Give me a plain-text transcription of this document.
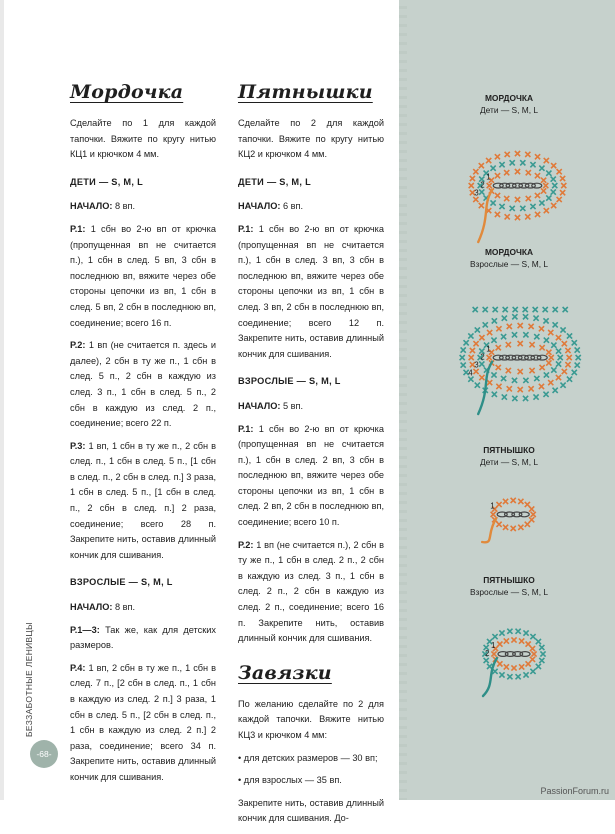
Мордочка

Сделайте по 1 для каждой тапочки. Вяжите по кругу нитью КЦ1 и крючком 4 мм.

ДЕТИ — S, M, L

НАЧАЛО: 8 вп.

Р.1: 1 сбн во 2-ю вп от крючка (пропущенная вп не считается п.), 1 сбн в след. 5 вп, 3 сбн в последнюю вп, вяжите через обе стороны цепочки из вп, 1 сбн в след. 5 вп, 2 сбн в последнюю вп, соединение; всего 16 п.

Р.2: 1 вп (не считается п. здесь и далее), 2 сбн в ту же п., 1 сбн в след. 5 п., 2 сбн в каждую из след. 3 п., 1 сбн в след. 5 п., 2 сбн в каждую из след. 2 п., соединение; всего 22 п.

Р.3: 1 вп, 1 сбн в ту же п., 2 сбн в след. п., 1 сбн в след. 5 п., [1 сбн в след. п., 2 сбн в след. п.] 3 раза, 1 сбн в след. 5 п., [1 сбн в след. п., 2 сбн в след. п.] 2 раза, соединение; всего 28 п. Закрепите нить, оставив длинный кончик для сшивания.

ВЗРОСЛЫЕ — S, M, L

НАЧАЛО: 8 вп.

Р.1—3: Так же, как для детских размеров.

Р.4: 1 вп, 2 сбн в ту же п., 1 сбн в след. 7 п., [2 сбн в след. п., 1 сбн в каждую из след. 2 п.] 3 раза, 1 сбн в след. 5 п., [2 сбн в след. п., 1 сбн в каждую из след. 2 п.] 2 раза, соединение; всего 34 п. Закрепите нить, оставив длинный кончик для сшивания.

Пятнышки

Сделайте по 2 для каждой тапочки. Вяжите по кругу нитью КЦ2 и крючком 4 мм.

ДЕТИ — S, M, L

НАЧАЛО: 6 вп.

Р.1: 1 сбн во 2-ю вп от крючка (пропущенная вп не считается п.), 1 сбн в след. 3 вп, 3 сбн в последнюю вп, вяжите через обе стороны цепочки из вп, 1 сбн в след. 3 вп, 2 сбн в последнюю вп, соединение; всего 12 п. Закрепите нить, оставив длинный кончик для сшивания.

ВЗРОСЛЫЕ — S, M, L

НАЧАЛО: 5 вп.

Р.1: 1 сбн во 2-ю вп от крючка (пропущенная вп не считается п.), 1 сбн в след. 2 вп, 3 сбн в последнюю вп, вяжите через обе стороны цепочки из вп, 1 сбн в след. 2 вп, 2 сбн в последнюю вп, соединение; всего 10 п.

Р.2: 1 вп (не считается п.), 2 сбн в ту же п., 1 сбн в след. 2 п., 2 сбн в каждую из след. 3 п., 1 сбн в след. 2 п., 2 сбн в каждую из след. 2 п., соединение; всего 16 п. Закрепите нить, оставив длинный кончик для сшивания.

Завязки

По желанию сделайте по 2 для каждой тапочки. Вяжите нитью КЦ3 и крючком 4 мм:

• для детских размеров — 30 вп;

• для взрослых — 35 вп.

Закрепите нить, оставив длинный кончик для сшивания. До-

МОРДОЧКА
Дети — S, M, L
1
2
3
МОРДОЧКА
Взрослые — S, M, L
1
2
3
4
ПЯТНЫШКО
Дети — S, M, L
1
ПЯТНЫШКО
Взрослые — S, M, L
1
2
БЕЗЗАБОТНЫЕ ЛЕНИВЦЫ
-68-
PassionForum.ru
